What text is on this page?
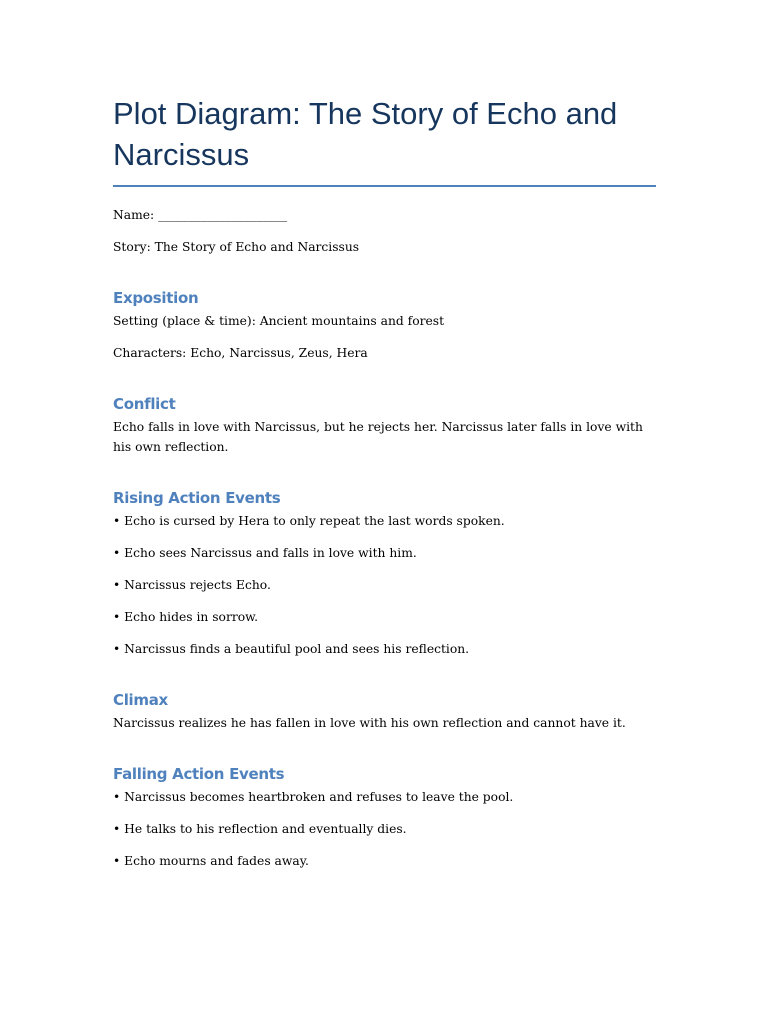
Plot Diagram: The Story of Echo and Narcissus

Name: _____________________

Story: The Story of Echo and Narcissus

Exposition

Setting (place & time): Ancient mountains and forest

Characters: Echo, Narcissus, Zeus, Hera

Conflict

Echo falls in love with Narcissus, but he rejects her. Narcissus later falls in love with his own reflection.

Rising Action Events

• Echo is cursed by Hera to only repeat the last words spoken.

• Echo sees Narcissus and falls in love with him.

• Narcissus rejects Echo.

• Echo hides in sorrow.

• Narcissus finds a beautiful pool and sees his reflection.

Climax

Narcissus realizes he has fallen in love with his own reflection and cannot have it.

Falling Action Events

• Narcissus becomes heartbroken and refuses to leave the pool.

• He talks to his reflection and eventually dies.

• Echo mourns and fades away.
